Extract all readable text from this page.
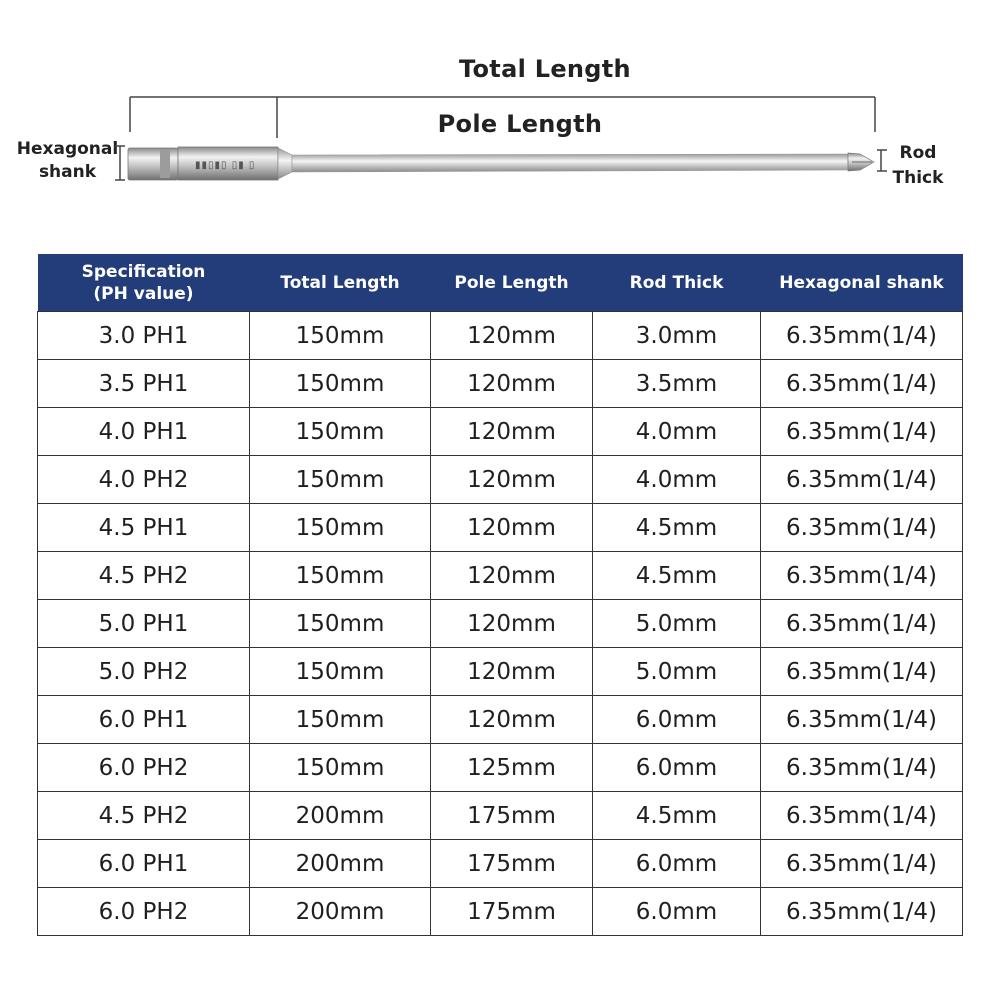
Total Length
Pole Length
Hexagonal
shank
Rod
Thick
▮▮▯▮▯ ▯▮ ▯
Specification
(PH value)	Total Length	Pole Length	Rod Thick	Hexagonal shank
3.0 PH1	150mm	120mm	3.0mm	6.35mm(1/4)
3.5 PH1	150mm	120mm	3.5mm	6.35mm(1/4)
4.0 PH1	150mm	120mm	4.0mm	6.35mm(1/4)
4.0 PH2	150mm	120mm	4.0mm	6.35mm(1/4)
4.5 PH1	150mm	120mm	4.5mm	6.35mm(1/4)
4.5 PH2	150mm	120mm	4.5mm	6.35mm(1/4)
5.0 PH1	150mm	120mm	5.0mm	6.35mm(1/4)
5.0 PH2	150mm	120mm	5.0mm	6.35mm(1/4)
6.0 PH1	150mm	120mm	6.0mm	6.35mm(1/4)
6.0 PH2	150mm	125mm	6.0mm	6.35mm(1/4)
4.5 PH2	200mm	175mm	4.5mm	6.35mm(1/4)
6.0 PH1	200mm	175mm	6.0mm	6.35mm(1/4)
6.0 PH2	200mm	175mm	6.0mm	6.35mm(1/4)
